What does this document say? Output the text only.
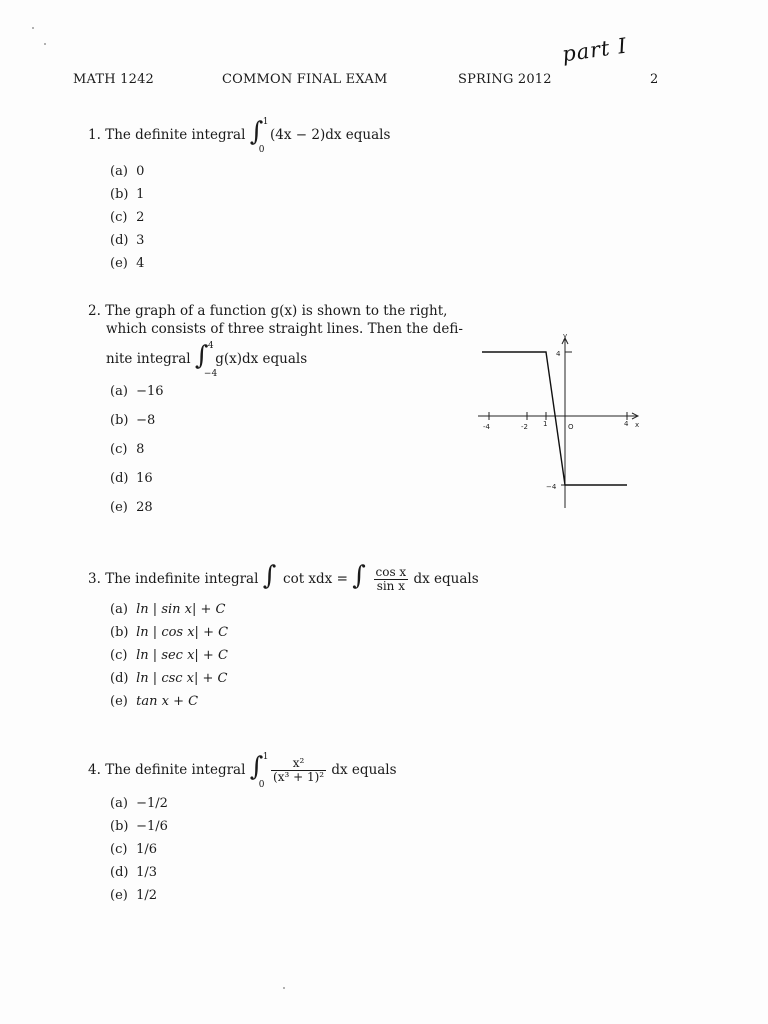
MATH 1242	COMMON FINAL EXAM	SPRING 2012	2
part I
1. The definite integral ∫ 1
0
(4x − 2)dx equals
(a) 0
(b) 1
(c) 2
(d) 3
(e) 4
2. The graph of a function g(x) is shown to the right,
which consists of three straight lines. Then the defi-
nite integral ∫ 4
−4
g(x)dx equals
(a) −16
(b) −8
(c) 8
(d) 16
(e) 28
-4	-2 1	O	4 x
y
4
−4
3. The indefinite integral ∫ cot xdx = ∫
$\frac{\text{cos x}}{\text{sin x}}$ dx equals
(a) ln | sin x| + C
(b) ln | cos x| + C
(c) ln | sec x| + C
(d) ln | csc x| + C
(e) tan x + C
4. The definite integral ∫ 1
0

$\frac{\text{x²}}{\text{(x³ + 1)²}}$ dx equals
(a) −1/2
(b) −1/6
(c) 1/6
(d) 1/3
(e) 1/2
